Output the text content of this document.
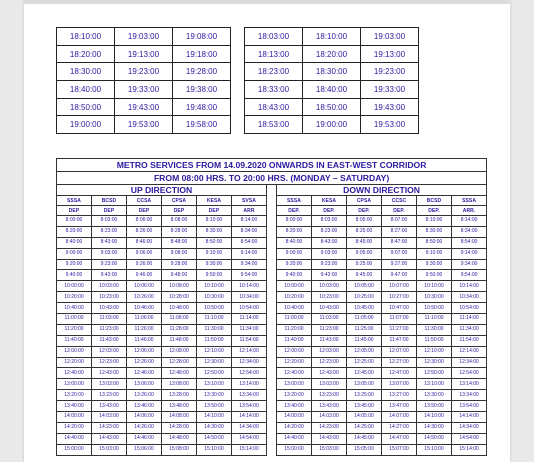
18:10:00	19:03:00	19:08:00
18:20:00	19:13:00	19:18:00
18:30:00	19:23:00	19:28:00
18:40:00	19:33:00	19:38:00
18:50:00	19:43:00	19:48:00
19:00:00	19:53:00	19:58:00
18:03:00	18:10:00	19:03:00
18:13:00	18:20:00	19:13:00
18:23:00	18:30:00	19:23:00
18:33:00	18:40:00	19:33:00
18:43:00	18:50:00	19:43:00
18:53:00	19:00:00	19:53:00
METRO SERVICES FROM 14.09.2020 ONWARDS IN EAST-WEST CORRIDOR												
FROM 08:00 HRS. TO 20:00 HRS. (MONDAY – SATURDAY)												
UP DIRECTION							DOWN DIRECTION					
SSSA	BCSD	CCSA	CPSA	KESA	SVSA		SSSA	KESA	CPSA	CCSC	BCSD	SSSA
DEP	DEP	DEP	DEP	DEP	ARR		DEP.	DEP.	DEP.	DEP.	DEP.	ARR.
8:00:00	8:03:00	8:06:00	8:08:00	8:10:00	8:14:00		8:00:00	8:03:00	8:05:00	8:07:00	8:10:00	8:14:00
8:20:00	8:23:00	8:26:00	8:28:00	8:30:00	8:34:00		8:20:00	8:23:00	8:25:00	8:27:00	8:30:00	8:34:00
8:40:00	8:43:00	8:46:00	8:48:00	8:50:00	8:54:00		8:40:00	8:43:00	8:45:00	8:47:00	8:50:00	8:54:00
9:00:00	9:03:00	9:06:00	9:08:00	9:10:00	9:14:00		9:00:00	9:03:00	9:05:00	9:07:00	9:10:00	9:14:00
9:20:00	9:23:00	9:26:00	9:28:00	9:30:00	9:34:00		9:20:00	9:23:00	9:25:00	9:27:00	9:30:00	9:34:00
9:40:00	9:43:00	9:46:00	9:48:00	9:50:00	9:54:00		9:40:00	9:43:00	9:45:00	9:47:00	9:50:00	9:54:00
10:00:00	10:03:00	10:06:00	10:08:00	10:10:00	10:14:00		10:00:00	10:03:00	10:05:00	10:07:00	10:10:00	10:14:00
10:20:00	10:23:00	10:26:00	10:28:00	10:30:00	10:34:00		10:20:00	10:23:00	10:25:00	10:27:00	10:30:00	10:34:00
10:40:00	10:43:00	10:46:00	10:48:00	10:50:00	10:54:00		10:40:00	10:43:00	10:45:00	10:47:00	10:50:00	10:54:00
11:00:00	11:03:00	11:06:00	11:08:00	11:10:00	11:14:00		11:00:00	11:03:00	11:05:00	11:07:00	11:10:00	11:14:00
11:20:00	11:23:00	11:26:00	11:28:00	11:30:00	11:34:00		11:20:00	11:23:00	11:25:00	11:27:00	11:30:00	11:34:00
11:40:00	11:43:00	11:46:00	11:48:00	11:50:00	11:54:00		11:40:00	11:43:00	11:45:00	11:47:00	11:50:00	11:54:00
12:00:00	12:03:00	12:06:00	12:08:00	12:10:00	12:14:00		12:00:00	12:03:00	12:05:00	12:07:00	12:10:00	12:14:00
12:20:00	12:23:00	12:26:00	12:28:00	12:30:00	12:34:00		12:20:00	12:23:00	12:25:00	12:27:00	12:30:00	12:34:00
12:40:00	12:43:00	12:46:00	12:48:00	12:50:00	12:54:00		12:40:00	12:43:00	12:45:00	12:47:00	12:50:00	12:54:00
13:00:00	13:03:00	13:06:00	13:08:00	13:10:00	13:14:00		13:00:00	13:03:00	13:05:00	13:07:00	13:10:00	13:14:00
13:20:00	13:23:00	13:26:00	13:28:00	13:30:00	13:34:00		13:20:00	13:23:00	13:25:00	13:27:00	13:30:00	13:34:00
13:40:00	13:43:00	13:46:00	13:48:00	13:50:00	13:54:00		13:40:00	13:43:00	13:45:00	13:47:00	13:50:00	13:54:00
14:00:00	14:03:00	14:06:00	14:08:00	14:10:00	14:14:00		14:00:00	14:03:00	14:05:00	14:07:00	14:10:00	14:14:00
14:20:00	14:23:00	14:26:00	14:28:00	14:30:00	14:34:00		14:20:00	14:23:00	14:25:00	14:27:00	14:30:00	14:34:00
14:40:00	14:43:00	14:46:00	14:48:00	14:50:00	14:54:00		14:40:00	14:43:00	14:45:00	14:47:00	14:50:00	14:54:00
15:00:00	15:03:00	15:06:00	15:08:00	15:10:00	15:14:00		15:00:00	15:03:00	15:05:00	15:07:00	15:10:00	15:14:00
